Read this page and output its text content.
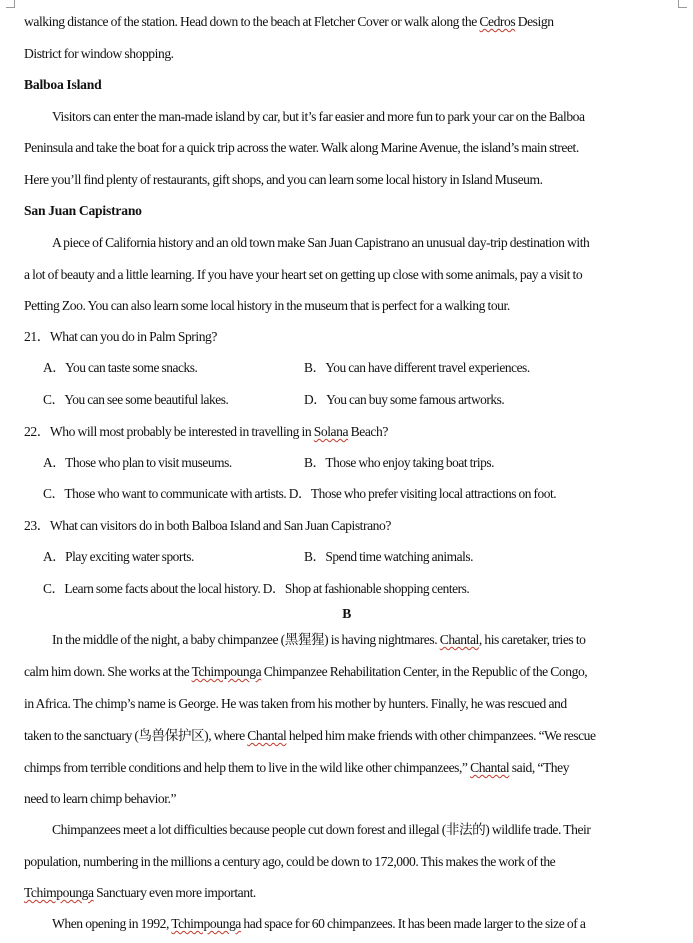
walking distance of the station. Head down to the beach at Fletcher Cover or walk along the Cedros Design
District for window shopping.
Balboa Island
Visitors can enter the man-made island by car, but it’s far easier and more fun to park your car on the Balboa
Peninsula and take the boat for a quick trip across the water. Walk along Marine Avenue, the island’s main street.
Here you’ll find plenty of restaurants, gift shops, and you can learn some local history in Island Museum.
San Juan Capistrano
A piece of California history and an old town make San Juan Capistrano an unusual day-trip destination with
a lot of beauty and a little learning. If you have your heart set on getting up close with some animals, pay a visit to
Petting Zoo. You can also learn some local history in the museum that is perfect for a walking tour.
21．What can you do in Palm Spring?
A．You can taste some snacks.	B．You can have different travel experiences.
C．You can see some beautiful lakes.	D．You can buy some famous artworks.
22．Who will most probably be interested in travelling in Solana Beach?
A．Those who plan to visit museums.	B．Those who enjoy taking boat trips.
C．Those who want to communicate with artists. D．Those who prefer visiting local attractions on foot.
23．What can visitors do in both Balboa Island and San Juan Capistrano?
A．Play exciting water sports.	B．Spend time watching animals.
C．Learn some facts about the local history. D．Shop at fashionable shopping centers.
B
In the middle of the night, a baby chimpanzee (黑猩猩) is having nightmares. Chantal, his caretaker, tries to
calm him down. She works at the Tchimpounga Chimpanzee Rehabilitation Center, in the Republic of the Congo,
in Africa. The chimp’s name is George. He was taken from his mother by hunters. Finally, he was rescued and
taken to the sanctuary (鸟兽保护区), where Chantal helped him make friends with other chimpanzees. “We rescue
chimps from terrible conditions and help them to live in the wild like other chimpanzees,” Chantal said, “They
need to learn chimp behavior.”
Chimpanzees meet a lot difficulties because people cut down forest and illegal (非法的) wildlife trade. Their
population, numbering in the millions a century ago, could be down to 172,000. This makes the work of the
Tchimpounga Sanctuary even more important.
When opening in 1992, Tchimpounga had space for 60 chimpanzees. It has been made larger to the size of a
